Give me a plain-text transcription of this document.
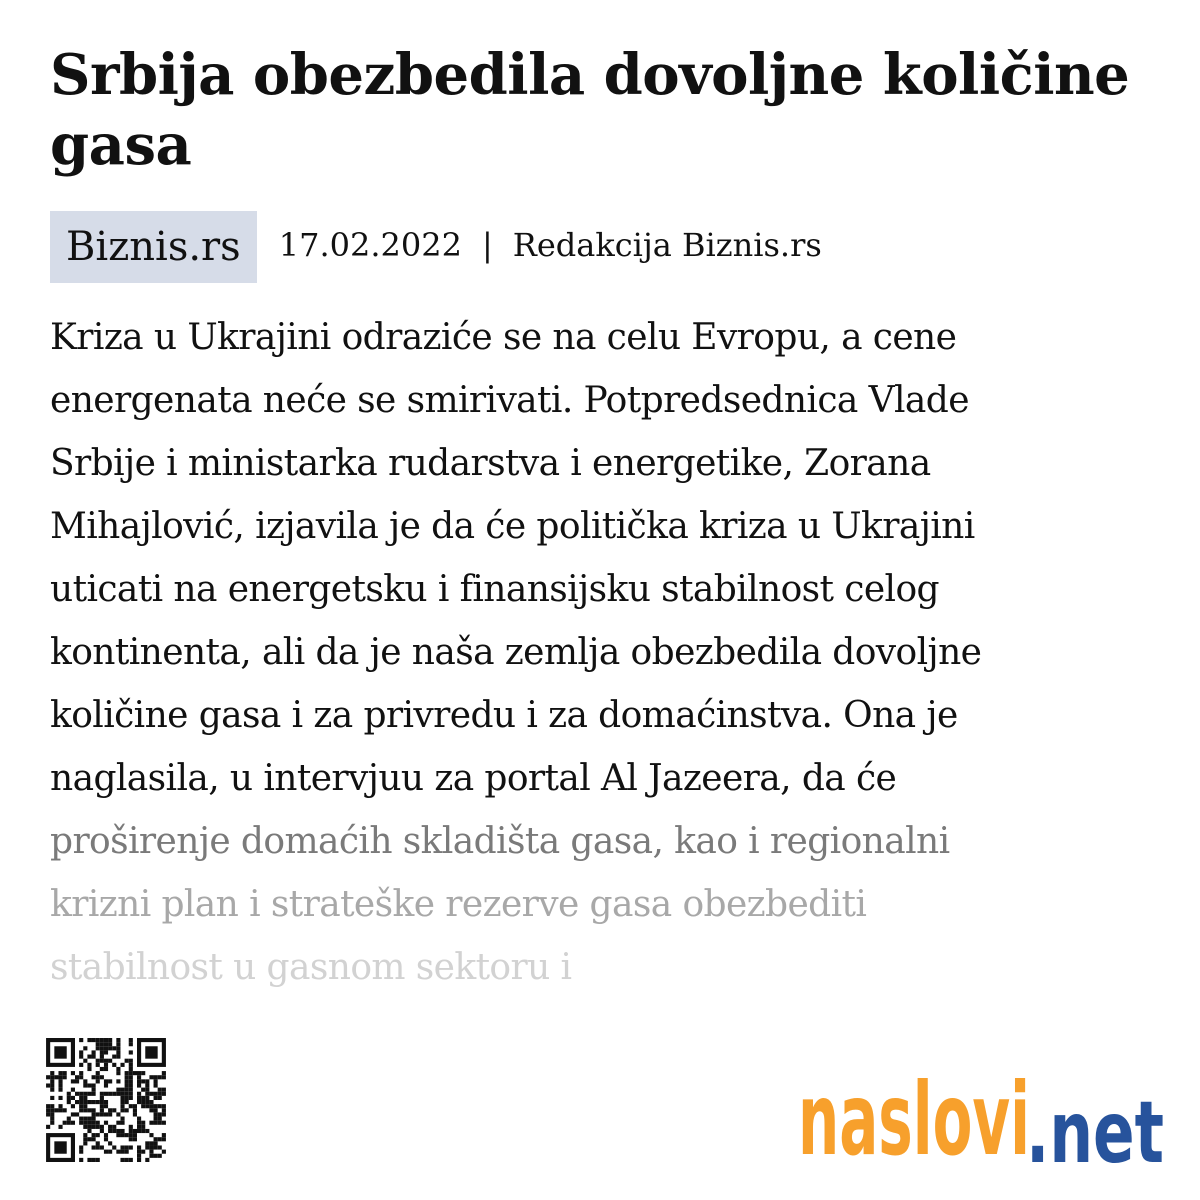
Srbija obezbedila dovoljne količine gasa
Biznis.rs	17.02.2022 | Redakcija Biznis.rs
Kriza u Ukrajini odraziće se na celu Evropu, a cene
energenata neće se smirivati. Potpredsednica Vlade
Srbije i ministarka rudarstva i energetike, Zorana
Mihajlović, izjavila je da će politička kriza u Ukrajini
uticati na energetsku i finansijsku stabilnost celog
kontinenta, ali da je naša zemlja obezbedila dovoljne
količine gasa i za privredu i za domaćinstva. Ona je
naglasila, u intervjuu za portal Al Jazeera, da će
proširenje domaćih skladišta gasa, kao i regionalni
krizni plan i strateške rezerve gasa obezbediti
stabilnost u gasnom sektoru i
naslovi
.net
